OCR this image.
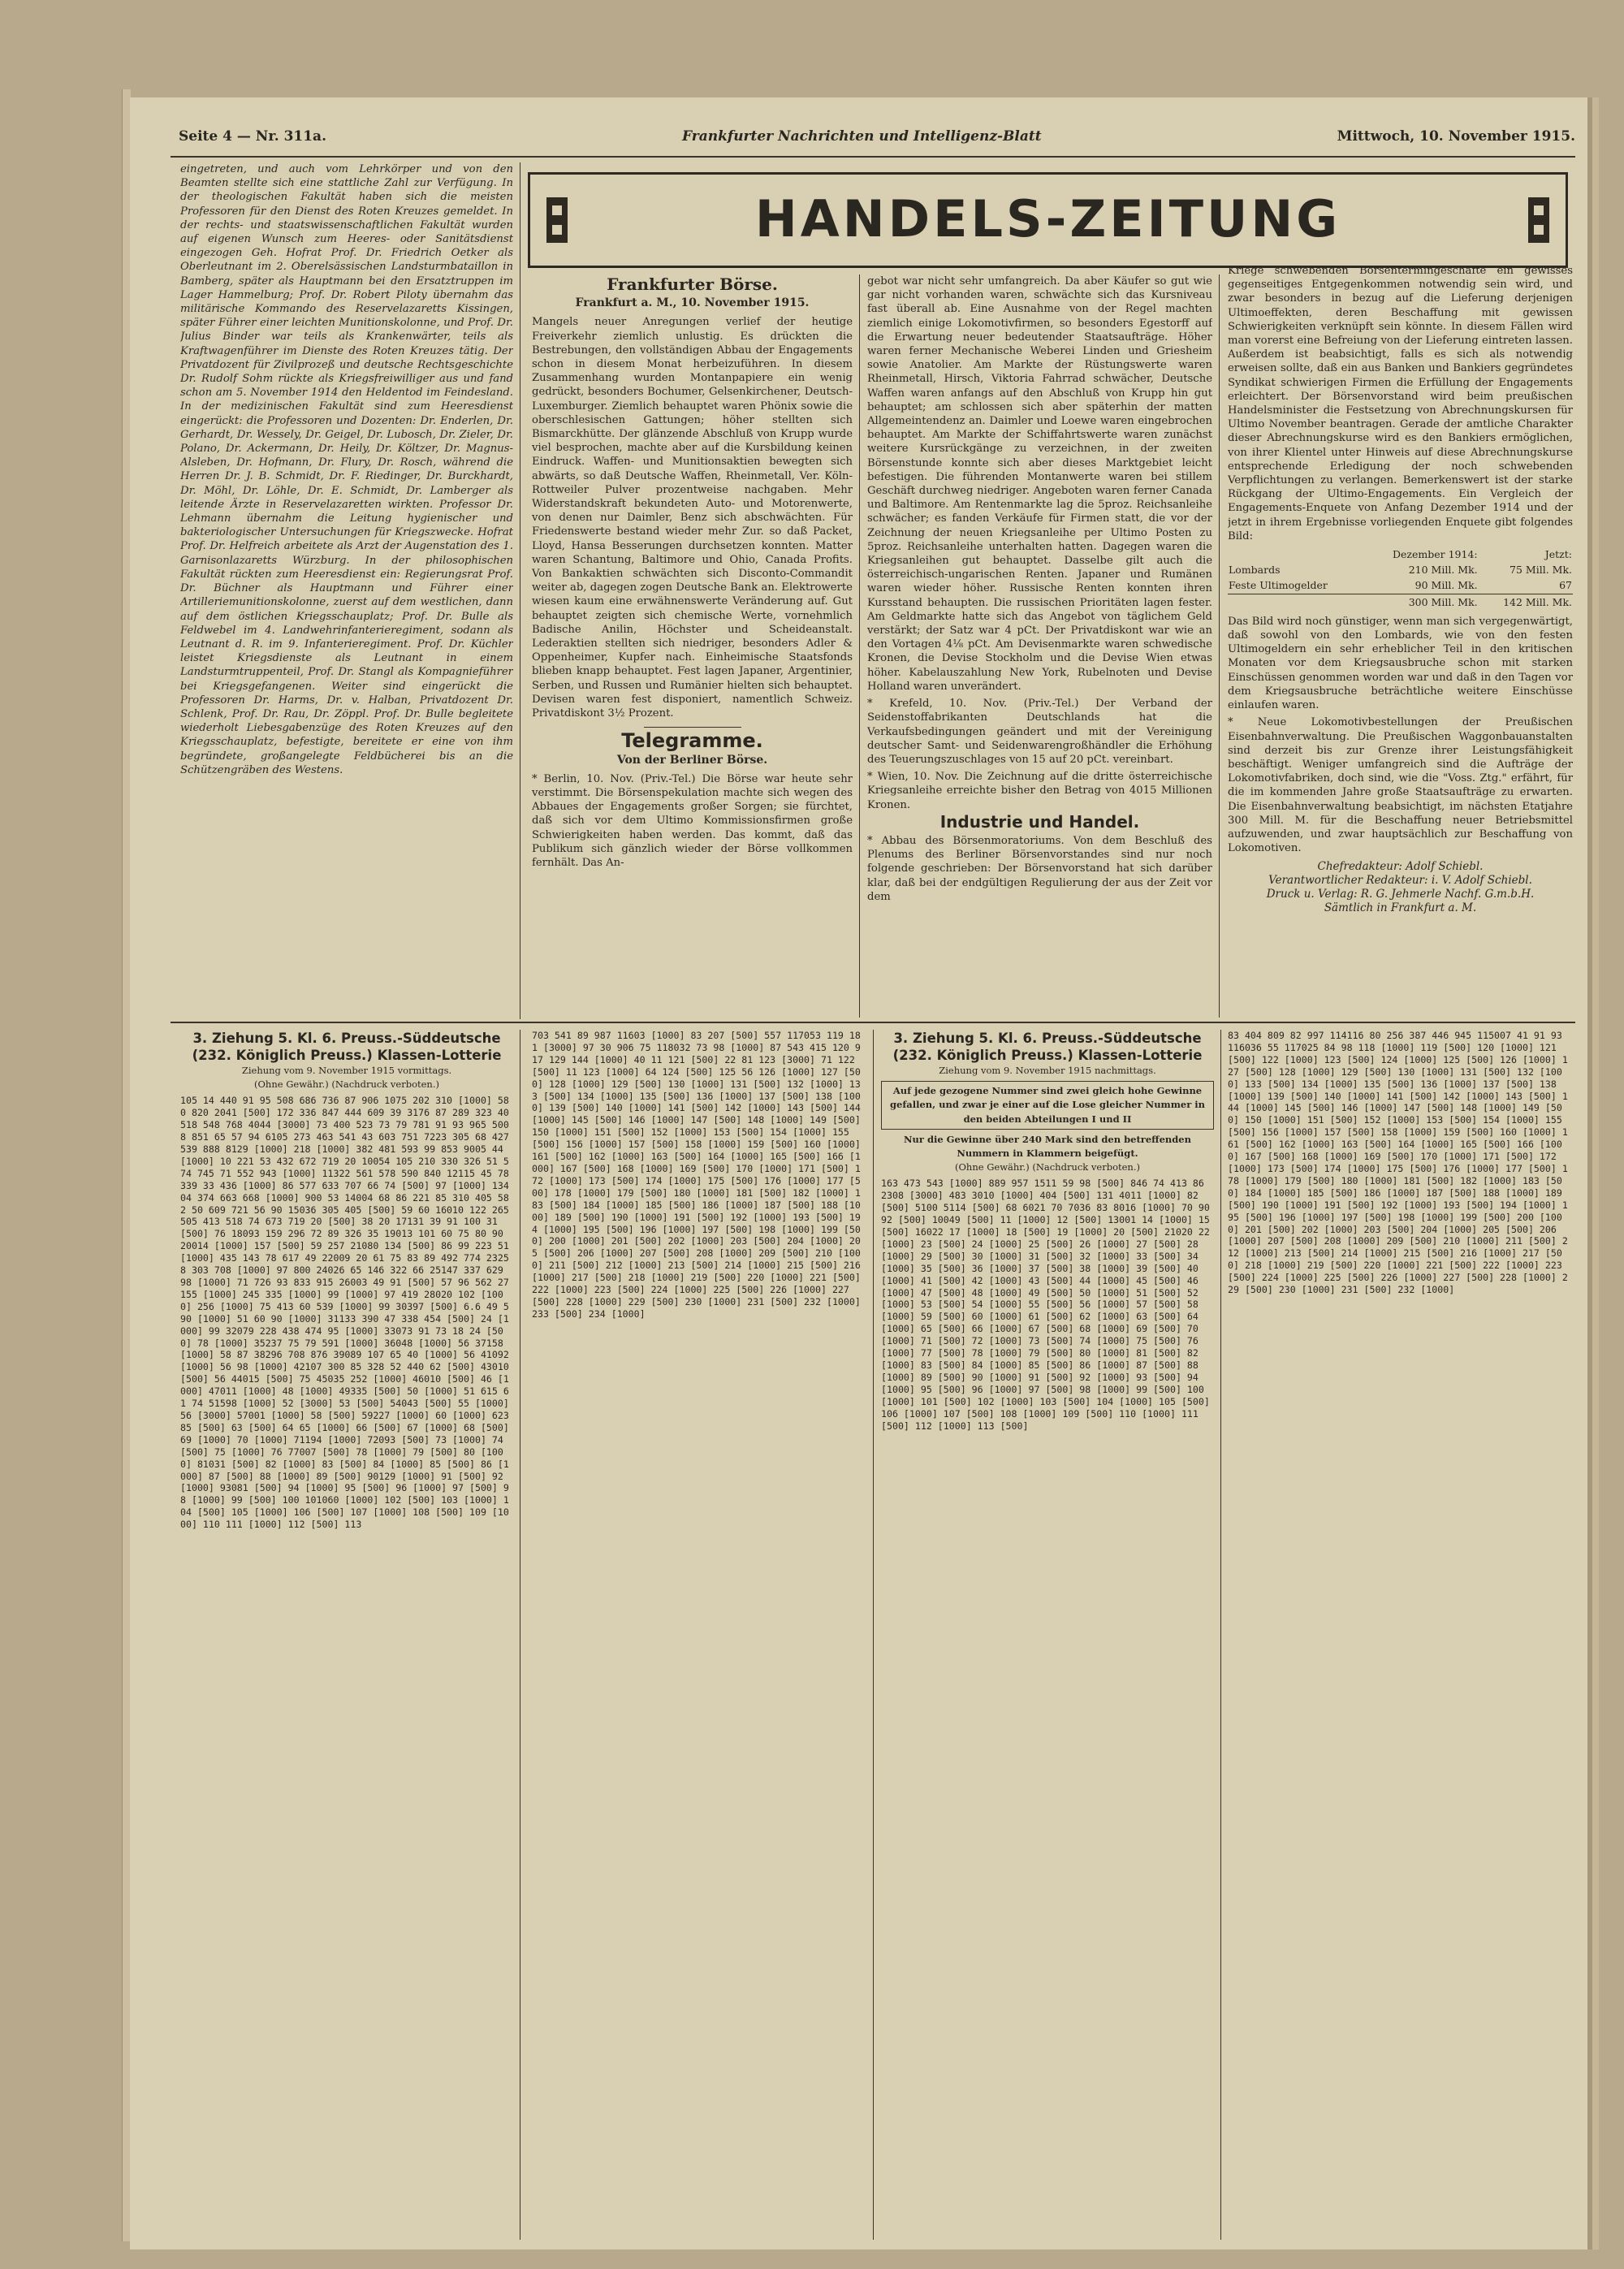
Seite 4 — Nr. 311a.	Frankfurter Nachrichten und Intelligenz-Blatt	Mittwoch, 10. November 1915.

eingetreten, und auch vom Lehrkörper und von den Beamten stellte sich eine stattliche Zahl zur Verfügung. In der theologischen Fakultät haben sich die meisten Professoren für den Dienst des Roten Kreuzes gemeldet. In der rechts- und staatswissenschaftlichen Fakultät wurden auf eigenen Wunsch zum Heeres- oder Sanitätsdienst eingezogen Geh. Hofrat Prof. Dr. Friedrich Oetker als Oberleutnant im 2. Oberelsässischen Landsturmbataillon in Bamberg, später als Hauptmann bei den Ersatztruppen im Lager Hammelburg; Prof. Dr. Robert Piloty übernahm das militärische Kommando des Reservelazaretts Kissingen, später Führer einer leichten Munitionskolonne, und Prof. Dr. Julius Binder war teils als Krankenwärter, teils als Kraftwagenführer im Dienste des Roten Kreuzes tätig. Der Privatdozent für Zivilprozeß und deutsche Rechtsgeschichte Dr. Rudolf Sohm rückte als Kriegsfreiwilliger aus und fand schon am 5. November 1914 den Heldentod im Feindesland. In der medizinischen Fakultät sind zum Heeresdienst eingerückt: die Professoren und Dozenten: Dr. Enderlen, Dr. Gerhardt, Dr. Wessely, Dr. Geigel, Dr. Lubosch, Dr. Zieler, Dr. Polano, Dr. Ackermann, Dr. Heily, Dr. Költzer, Dr. Magnus-Alsleben, Dr. Hofmann, Dr. Flury, Dr. Rosch, während die Herren Dr. J. B. Schmidt, Dr. F. Riedinger, Dr. Burckhardt, Dr. Möhl, Dr. Löhle, Dr. E. Schmidt, Dr. Lamberger als leitende Ärzte in Reservelazaretten wirkten. Professor Dr. Lehmann übernahm die Leitung hygienischer und bakteriologischer Untersuchungen für Kriegszwecke. Hofrat Prof. Dr. Helfreich arbeitete als Arzt der Augenstation des 1. Garnisonlazaretts Würzburg. In der philosophischen Fakultät rückten zum Heeresdienst ein: Regierungsrat Prof. Dr. Büchner als Hauptmann und Führer einer Artilleriemunitionskolonne, zuerst auf dem westlichen, dann auf dem östlichen Kriegsschauplatz; Prof. Dr. Bulle als Feldwebel im 4. Landwehrinfanterieregiment, sodann als Leutnant d. R. im 9. Infanterieregiment. Prof. Dr. Küchler leistet Kriegsdienste als Leutnant in einem Landsturmtruppenteil, Prof. Dr. Stangl als Kompagnieführer bei Kriegsgefangenen. Weiter sind eingerückt die Professoren Dr. Harms, Dr. v. Halban, Privatdozent Dr. Schlenk, Prof. Dr. Rau, Dr. Zöppl. Prof. Dr. Bulle begleitete wiederholt Liebesgabenzüge des Roten Kreuzes auf den Kriegsschauplatz, befestigte, bereitete er eine von ihm begründete, großangelegte Feldbücherei bis an die Schützengräben des Westens.

HANDELS-ZEITUNG
Frankfurter Börse.
Frankfurt a. M., 10. November 1915.

Mangels neuer Anregungen verlief der heutige Freiverkehr ziemlich unlustig. Es drückten die Bestrebungen, den vollständigen Abbau der Engagements schon in diesem Monat herbeizuführen. In diesem Zusammenhang wurden Montanpapiere ein wenig gedrückt, besonders Bochumer, Gelsenkirchener, Deutsch-Luxemburger. Ziemlich behauptet waren Phönix sowie die oberschlesischen Gattungen; höher stellten sich Bismarckhütte. Der glänzende Abschluß von Krupp wurde viel besprochen, machte aber auf die Kursbildung keinen Eindruck. Waffen- und Munitionsaktien bewegten sich abwärts, so daß Deutsche Waffen, Rheinmetall, Ver. Köln-Rottweiler Pulver prozentweise nachgaben. Mehr Widerstandskraft bekundeten Auto- und Motorenwerte, von denen nur Daimler, Benz sich abschwächten. Für Friedenswerte bestand wieder mehr Zur. so daß Packet, Lloyd, Hansa Besserungen durchsetzen konnten. Matter waren Schantung, Baltimore und Ohio, Canada Profits. Von Bankaktien schwächten sich Disconto-Commandit weiter ab, dagegen zogen Deutsche Bank an. Elektrowerte wiesen kaum eine erwähnenswerte Veränderung auf. Gut behauptet zeigten sich chemische Werte, vornehmlich Badische Anilin, Höchster und Scheideanstalt. Lederaktien stellten sich niedriger, besonders Adler & Oppenheimer, Kupfer nach. Einheimische Staatsfonds blieben knapp behauptet. Fest lagen Japaner, Argentinier, Serben, und Russen und Rumänier hielten sich behauptet. Devisen waren fest disponiert, namentlich Schweiz. Privatdiskont 3½ Prozent.

Telegramme.
Von der Berliner Börse.

* Berlin, 10. Nov. (Priv.-Tel.) Die Börse war heute sehr verstimmt. Die Börsenspekulation machte sich wegen des Abbaues der Engagements großer Sorgen; sie fürchtet, daß sich vor dem Ultimo Kommissionsfirmen große Schwierigkeiten haben werden. Das kommt, daß das Publikum sich gänzlich wieder der Börse vollkommen fernhält. Das An-

gebot war nicht sehr umfangreich. Da aber Käufer so gut wie gar nicht vorhanden waren, schwächte sich das Kursniveau fast überall ab. Eine Ausnahme von der Regel machten ziemlich einige Lokomotivfirmen, so besonders Egestorff auf die Erwartung neuer bedeutender Staatsaufträge. Höher waren ferner Mechanische Weberei Linden und Griesheim sowie Anatolier. Am Markte der Rüstungswerte waren Rheinmetall, Hirsch, Viktoria Fahrrad schwächer, Deutsche Waffen waren anfangs auf den Abschluß von Krupp hin gut behauptet; am schlossen sich aber späterhin der matten Allgemeintendenz an. Daimler und Loewe waren eingebrochen behauptet. Am Markte der Schiffahrtswerte waren zunächst weitere Kursrückgänge zu verzeichnen, in der zweiten Börsenstunde konnte sich aber dieses Marktgebiet leicht befestigen. Die führenden Montanwerte waren bei stillem Geschäft durchweg niedriger. Angeboten waren ferner Canada und Baltimore. Am Rentenmarkte lag die 5proz. Reichsanleihe schwächer; es fanden Verkäufe für Firmen statt, die vor der Zeichnung der neuen Kriegsanleihe per Ultimo Posten zu 5proz. Reichsanleihe unterhalten hatten. Dagegen waren die Kriegsanleihen gut behauptet. Dasselbe gilt auch die österreichisch-ungarischen Renten. Japaner und Rumänen waren wieder höher. Russische Renten konnten ihren Kursstand behaupten. Die russischen Prioritäten lagen fester. Am Geldmarkte hatte sich das Angebot von täglichem Geld verstärkt; der Satz war 4 pCt. Der Privatdiskont war wie an den Vortagen 4⅛ pCt. Am Devisenmarkte waren schwedische Kronen, die Devise Stockholm und die Devise Wien etwas höher. Kabelauszahlung New York, Rubelnoten und Devise Holland waren unverändert.

* Krefeld, 10. Nov. (Priv.-Tel.) Der Verband der Seidenstoffabrikanten Deutschlands hat die Verkaufsbedingungen geändert und mit der Vereinigung deutscher Samt- und Seidenwarengroßhändler die Erhöhung des Teuerungszuschlages von 15 auf 20 pCt. vereinbart.

* Wien, 10. Nov. Die Zeichnung auf die dritte österreichische Kriegsanleihe erreichte bisher den Betrag von 4015 Millionen Kronen.

Industrie und Handel.

* Abbau des Börsenmoratoriums. Von dem Beschluß des Plenums des Berliner Börsenvorstandes sind nur noch folgende geschrieben: Der Börsenvorstand hat sich darüber klar, daß bei der endgültigen Regulierung der aus der Zeit vor dem

Kriege schwebenden Börsentermingeschäfte ein gewisses gegenseitiges Entgegenkommen notwendig sein wird, und zwar besonders in bezug auf die Lieferung derjenigen Ultimoeffekten, deren Beschaffung mit gewissen Schwierigkeiten verknüpft sein könnte. In diesem Fällen wird man vorerst eine Befreiung von der Lieferung eintreten lassen. Außerdem ist beabsichtigt, falls es sich als notwendig erweisen sollte, daß ein aus Banken und Bankiers gegründetes Syndikat schwierigen Firmen die Erfüllung der Engagements erleichtert. Der Börsenvorstand wird beim preußischen Handelsminister die Festsetzung von Abrechnungskursen für Ultimo November beantragen. Gerade der amtliche Charakter dieser Abrechnungskurse wird es den Bankiers ermöglichen, von ihrer Klientel unter Hinweis auf diese Abrechnungskurse entsprechende Erledigung der noch schwebenden Verpflichtungen zu verlangen. Bemerkenswert ist der starke Rückgang der Ultimo-Engagements. Ein Vergleich der Engagements-Enquete von Anfang Dezember 1914 und der jetzt in ihrem Ergebnisse vorliegenden Enquete gibt folgendes Bild:

	Dezember 1914:	Jetzt:
Lombards	210 Mill. Mk.	75 Mill. Mk.
Feste Ultimogelder	90 Mill. Mk.	67
	300 Mill. Mk.	142 Mill. Mk.

Das Bild wird noch günstiger, wenn man sich vergegenwärtigt, daß sowohl von den Lombards, wie von den festen Ultimogeldern ein sehr erheblicher Teil in den kritischen Monaten vor dem Kriegsausbruche schon mit starken Einschüssen genommen worden war und daß in den Tagen vor dem Kriegsausbruche beträchtliche weitere Einschüsse einlaufen waren.

* Neue Lokomotivbestellungen der Preußischen Eisenbahnverwaltung. Die Preußischen Waggonbauanstalten sind derzeit bis zur Grenze ihrer Leistungsfähigkeit beschäftigt. Weniger umfangreich sind die Aufträge der Lokomotivfabriken, doch sind, wie die "Voss. Ztg." erfährt, für die im kommenden Jahre große Staatsaufträge zu erwarten. Die Eisenbahnverwaltung beabsichtigt, im nächsten Etatjahre 300 Mill. M. für die Beschaffung neuer Betriebsmittel aufzuwenden, und zwar hauptsächlich zur Beschaffung von Lokomotiven.

Chefredakteur: Adolf Schiebl.
Verantwortlicher Redakteur: i. V. Adolf Schiebl.
Druck u. Verlag: R. G. Jehmerle Nachf. G.m.b.H.
Sämtlich in Frankfurt a. M.
3. Ziehung 5. Kl. 6. Preuss.-Süddeutsche
(232. Königlich Preuss.) Klassen-Lotterie
Ziehung vom 9. November 1915 vormittags.
(Ohne Gewähr.) (Nachdruck verboten.)
105 14 440 91 95 508 686 736 87 906 1075 202 310 [1000] 580 820 2041 [500] 172 336 847 444 609 39 3176 87 289 323 40 518 548 768 4044 [3000] 73 400 523 73 79 781 91 93 965 5008 851 65 57 94 6105 273 463 541 43 603 751 7223 305 68 427 539 888 8129 [1000] 218 [1000] 382 481 593 99 853 9005 44 [1000] 10 221 53 432 672 719 20 10054 105 210 330 326 51 574 745 71 552 943 [1000] 11322 561 578 590 840 12115 45 78 339 33 436 [1000] 86 577 633 707 66 74 [500] 97 [1000] 13404 374 663 668 [1000] 900 53 14004 68 86 221 85 310 405 582 50 609 721 56 90 15036 305 405 [500] 59 60 16010 122 265 505 413 518 74 673 719 20 [500] 38 20 17131 39 91 100 31 [500] 76 18093 159 296 72 89 326 35 19013 101 60 75 80 90 20014 [1000] 157 [500] 59 257 21080 134 [500] 86 99 223 51 [1000] 435 143 78 617 49 22009 20 61 75 83 89 492 774 23258 303 708 [1000] 97 800 24026 65 146 322 66 25147 337 629 98 [1000] 71 726 93 833 915 26003 49 91 [500] 57 96 562 27155 [1000] 245 335 [1000] 99 [1000] 97 419 28020 102 [1000] 256 [1000] 75 413 60 539 [1000] 99 30397 [500] 6.6 49 590 [1000] 51 60 90 [1000] 31133 390 47 338 454 [500] 24 [1000] 99 32079 228 438 474 95 [1000] 33073 91 73 18 24 [500] 78 [1000] 35237 75 79 591 [1000] 36048 [1000] 56 37158 [1000] 58 87 38296 708 876 39089 107 65 40 [1000] 56 41092 [1000] 56 98 [1000] 42107 300 85 328 52 440 62 [500] 43010 [500] 56 44015 [500] 75 45035 252 [1000] 46010 [500] 46 [1000] 47011 [1000] 48 [1000] 49335 [500] 50 [1000] 51 615 61 74 51598 [1000] 52 [3000] 53 [500] 54043 [500] 55 [1000] 56 [3000] 57001 [1000] 58 [500] 59227 [1000] 60 [1000] 62385 [500] 63 [500] 64 65 [1000] 66 [500] 67 [1000] 68 [500] 69 [1000] 70 [1000] 71194 [1000] 72093 [500] 73 [1000] 74 [500] 75 [1000] 76 77007 [500] 78 [1000] 79 [500] 80 [1000] 81031 [500] 82 [1000] 83 [500] 84 [1000] 85 [500] 86 [1000] 87 [500] 88 [1000] 89 [500] 90129 [1000] 91 [500] 92 [1000] 93081 [500] 94 [1000] 95 [500] 96 [1000] 97 [500] 98 [1000] 99 [500] 100 101060 [1000] 102 [500] 103 [1000] 104 [500] 105 [1000] 106 [500] 107 [1000] 108 [500] 109 [1000] 110 111 [1000] 112 [500] 113
703 541 89 987 11603 [1000] 83 207 [500] 557 117053 119 181 [3000] 97 30 906 75 118032 73 98 [1000] 87 543 415 120 917 129 144 [1000] 40 11 121 [500] 22 81 123 [3000] 71 122 [500] 11 123 [1000] 64 124 [500] 125 56 126 [1000] 127 [500] 128 [1000] 129 [500] 130 [1000] 131 [500] 132 [1000] 133 [500] 134 [1000] 135 [500] 136 [1000] 137 [500] 138 [1000] 139 [500] 140 [1000] 141 [500] 142 [1000] 143 [500] 144 [1000] 145 [500] 146 [1000] 147 [500] 148 [1000] 149 [500] 150 [1000] 151 [500] 152 [1000] 153 [500] 154 [1000] 155 [500] 156 [1000] 157 [500] 158 [1000] 159 [500] 160 [1000] 161 [500] 162 [1000] 163 [500] 164 [1000] 165 [500] 166 [1000] 167 [500] 168 [1000] 169 [500] 170 [1000] 171 [500] 172 [1000] 173 [500] 174 [1000] 175 [500] 176 [1000] 177 [500] 178 [1000] 179 [500] 180 [1000] 181 [500] 182 [1000] 183 [500] 184 [1000] 185 [500] 186 [1000] 187 [500] 188 [1000] 189 [500] 190 [1000] 191 [500] 192 [1000] 193 [500] 194 [1000] 195 [500] 196 [1000] 197 [500] 198 [1000] 199 [500] 200 [1000] 201 [500] 202 [1000] 203 [500] 204 [1000] 205 [500] 206 [1000] 207 [500] 208 [1000] 209 [500] 210 [1000] 211 [500] 212 [1000] 213 [500] 214 [1000] 215 [500] 216 [1000] 217 [500] 218 [1000] 219 [500] 220 [1000] 221 [500] 222 [1000] 223 [500] 224 [1000] 225 [500] 226 [1000] 227 [500] 228 [1000] 229 [500] 230 [1000] 231 [500] 232 [1000] 233 [500] 234 [1000]
3. Ziehung 5. Kl. 6. Preuss.-Süddeutsche
(232. Königlich Preuss.) Klassen-Lotterie
Ziehung vom 9. November 1915 nachmittags.
Auf jede gezogene Nummer sind zwei gleich hohe Gewinne gefallen, und zwar je einer auf die Lose gleicher Nummer in den beiden Abteilungen I und II
Nur die Gewinne über 240 Mark sind den betreffenden Nummern in Klammern beigefügt.
(Ohne Gewähr.) (Nachdruck verboten.)
163 473 543 [1000] 889 957 1511 59 98 [500] 846 74 413 86 2308 [3000] 483 3010 [1000] 404 [500] 131 4011 [1000] 82 [500] 5100 5114 [500] 68 6021 70 7036 83 8016 [1000] 70 9092 [500] 10049 [500] 11 [1000] 12 [500] 13001 14 [1000] 15 [500] 16022 17 [1000] 18 [500] 19 [1000] 20 [500] 21020 22 [1000] 23 [500] 24 [1000] 25 [500] 26 [1000] 27 [500] 28 [1000] 29 [500] 30 [1000] 31 [500] 32 [1000] 33 [500] 34 [1000] 35 [500] 36 [1000] 37 [500] 38 [1000] 39 [500] 40 [1000] 41 [500] 42 [1000] 43 [500] 44 [1000] 45 [500] 46 [1000] 47 [500] 48 [1000] 49 [500] 50 [1000] 51 [500] 52 [1000] 53 [500] 54 [1000] 55 [500] 56 [1000] 57 [500] 58 [1000] 59 [500] 60 [1000] 61 [500] 62 [1000] 63 [500] 64 [1000] 65 [500] 66 [1000] 67 [500] 68 [1000] 69 [500] 70 [1000] 71 [500] 72 [1000] 73 [500] 74 [1000] 75 [500] 76 [1000] 77 [500] 78 [1000] 79 [500] 80 [1000] 81 [500] 82 [1000] 83 [500] 84 [1000] 85 [500] 86 [1000] 87 [500] 88 [1000] 89 [500] 90 [1000] 91 [500] 92 [1000] 93 [500] 94 [1000] 95 [500] 96 [1000] 97 [500] 98 [1000] 99 [500] 100 [1000] 101 [500] 102 [1000] 103 [500] 104 [1000] 105 [500] 106 [1000] 107 [500] 108 [1000] 109 [500] 110 [1000] 111 [500] 112 [1000] 113 [500]
83 404 809 82 997 114116 80 256 387 446 945 115007 41 91 93 116036 55 117025 84 98 118 [1000] 119 [500] 120 [1000] 121 [500] 122 [1000] 123 [500] 124 [1000] 125 [500] 126 [1000] 127 [500] 128 [1000] 129 [500] 130 [1000] 131 [500] 132 [1000] 133 [500] 134 [1000] 135 [500] 136 [1000] 137 [500] 138 [1000] 139 [500] 140 [1000] 141 [500] 142 [1000] 143 [500] 144 [1000] 145 [500] 146 [1000] 147 [500] 148 [1000] 149 [500] 150 [1000] 151 [500] 152 [1000] 153 [500] 154 [1000] 155 [500] 156 [1000] 157 [500] 158 [1000] 159 [500] 160 [1000] 161 [500] 162 [1000] 163 [500] 164 [1000] 165 [500] 166 [1000] 167 [500] 168 [1000] 169 [500] 170 [1000] 171 [500] 172 [1000] 173 [500] 174 [1000] 175 [500] 176 [1000] 177 [500] 178 [1000] 179 [500] 180 [1000] 181 [500] 182 [1000] 183 [500] 184 [1000] 185 [500] 186 [1000] 187 [500] 188 [1000] 189 [500] 190 [1000] 191 [500] 192 [1000] 193 [500] 194 [1000] 195 [500] 196 [1000] 197 [500] 198 [1000] 199 [500] 200 [1000] 201 [500] 202 [1000] 203 [500] 204 [1000] 205 [500] 206 [1000] 207 [500] 208 [1000] 209 [500] 210 [1000] 211 [500] 212 [1000] 213 [500] 214 [1000] 215 [500] 216 [1000] 217 [500] 218 [1000] 219 [500] 220 [1000] 221 [500] 222 [1000] 223 [500] 224 [1000] 225 [500] 226 [1000] 227 [500] 228 [1000] 229 [500] 230 [1000] 231 [500] 232 [1000]
